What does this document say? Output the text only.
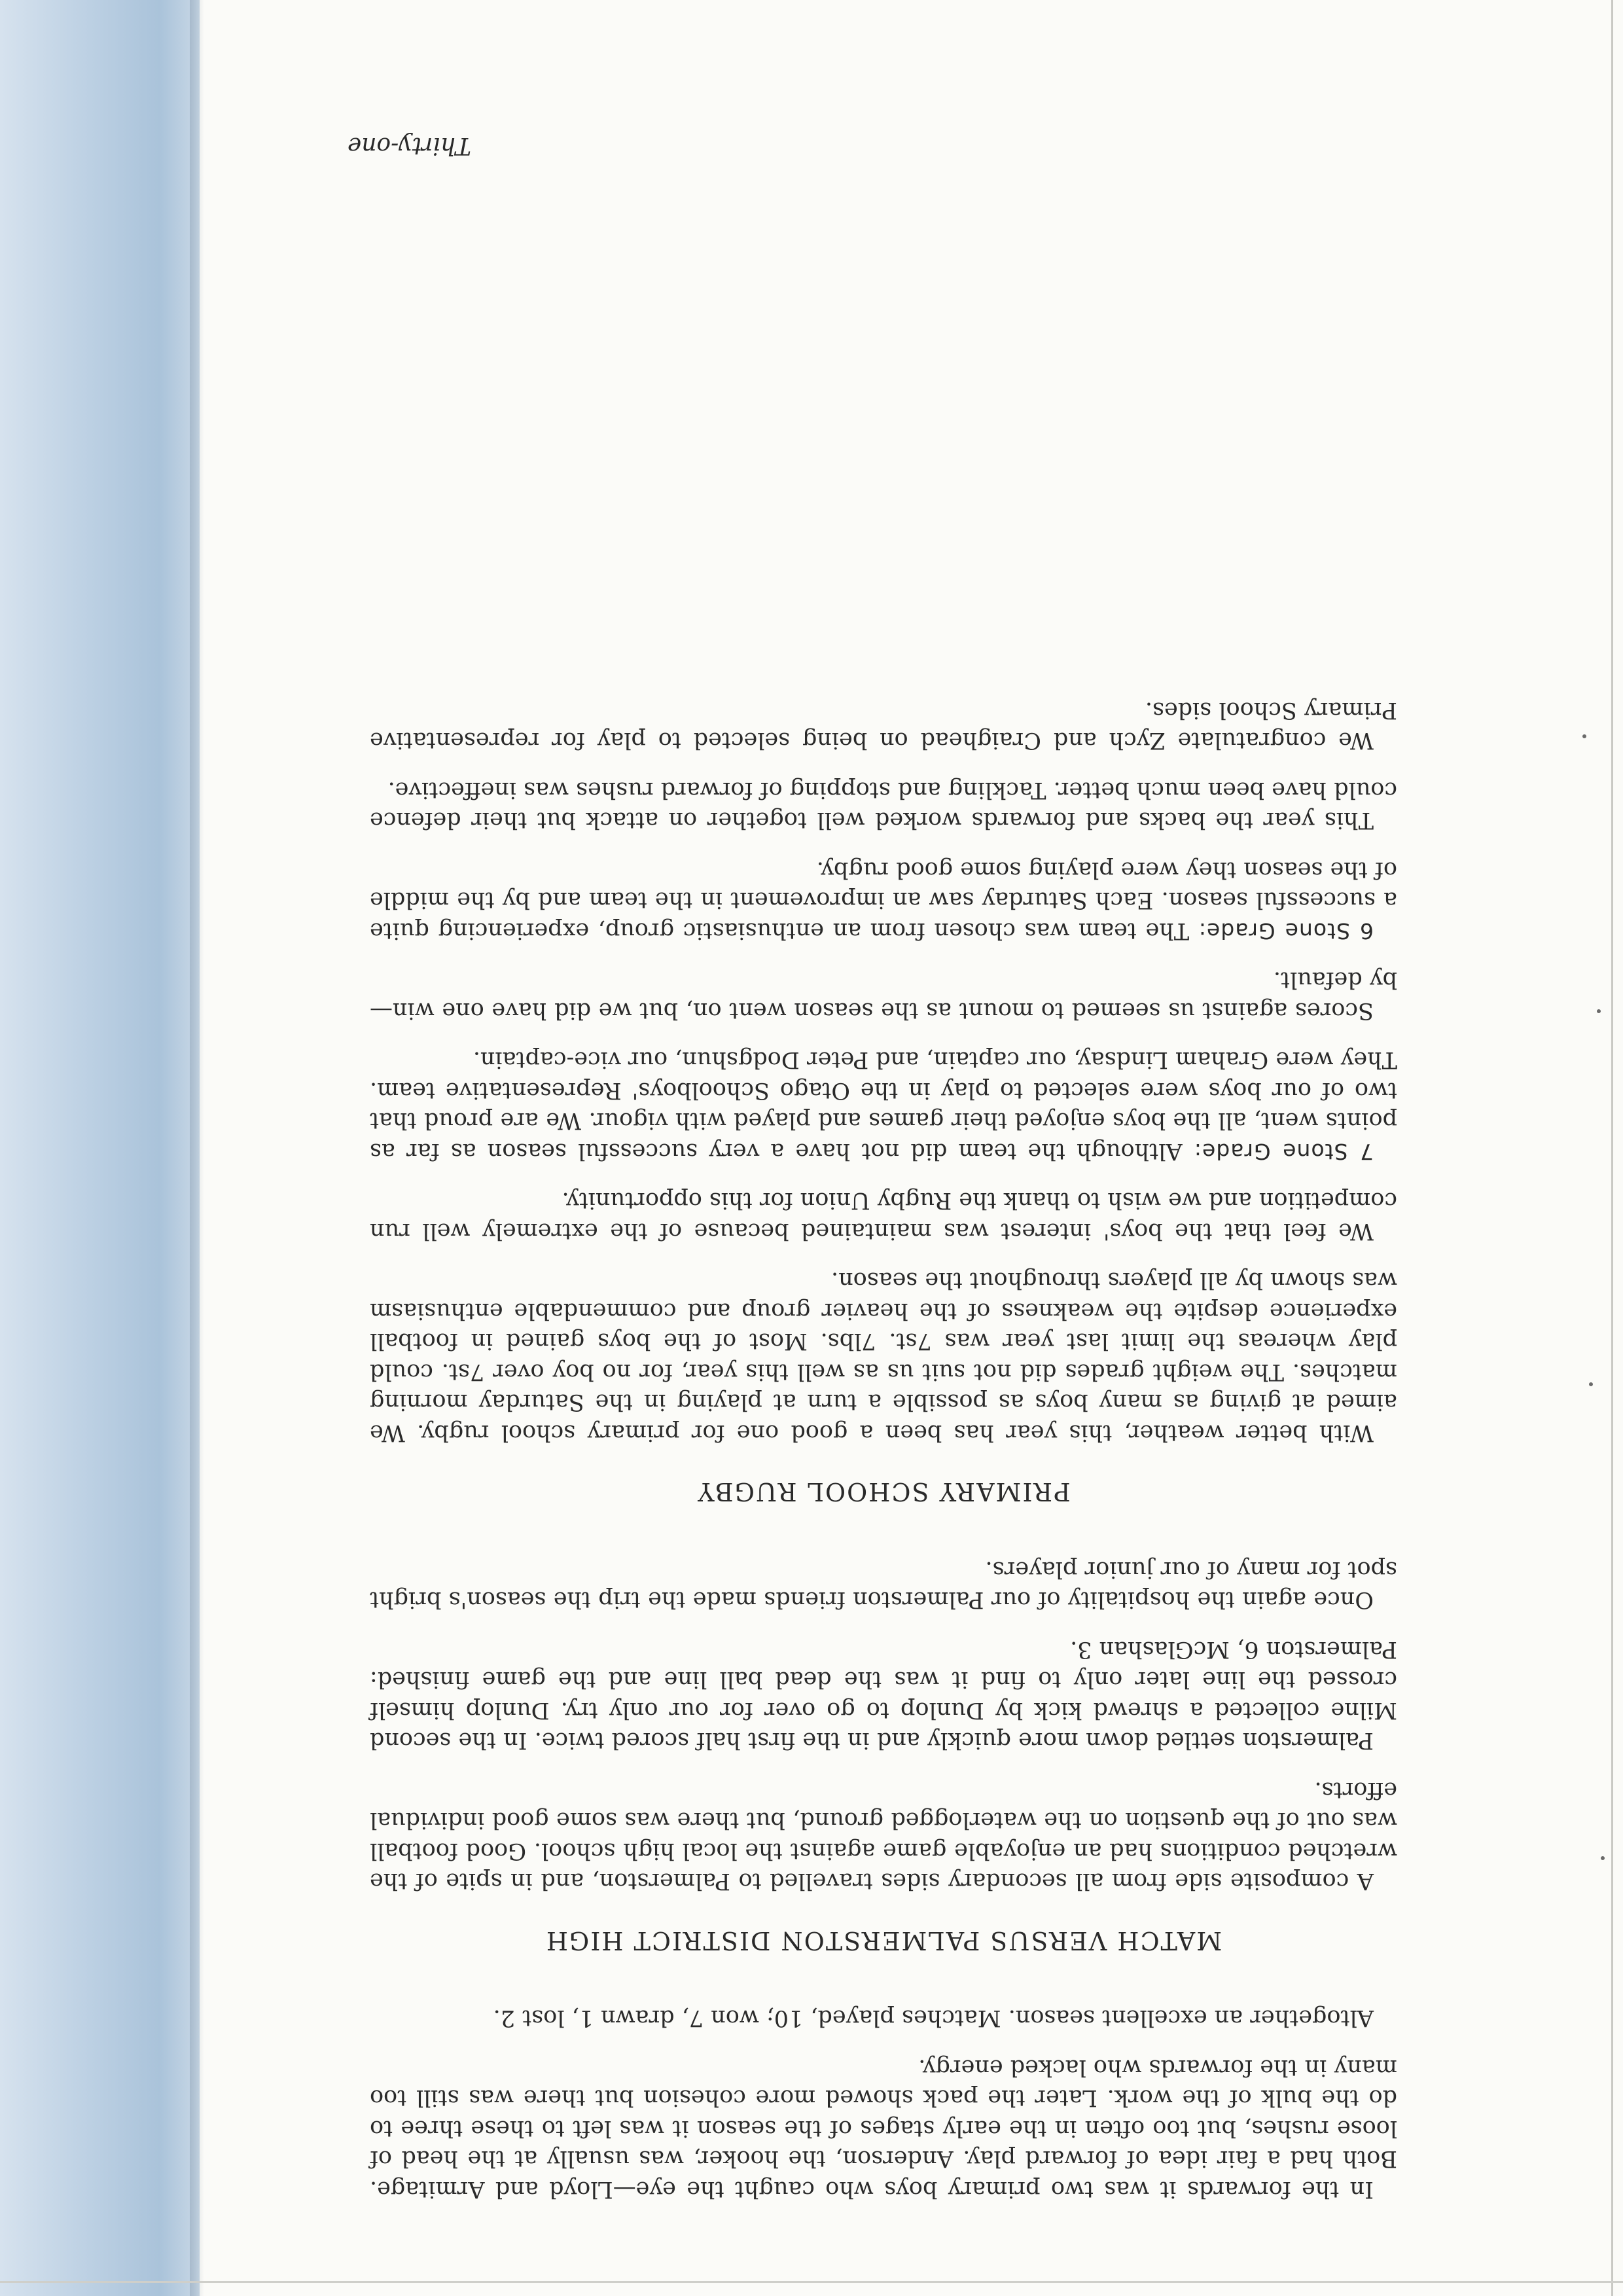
In the forwards it was two primary boys who caught the eye—Lloyd and Armitage. Both had a fair idea of forward play. Anderson, the hooker, was usually at the head of loose rushes, but too often in the early stages of the season it was left to these three to do the bulk of the work. Later the pack showed more cohesion but there was still too many in the forwards who lacked energy.

Altogether an excellent season. Matches played, 10; won 7, drawn 1, lost 2.

MATCH VERSUS PALMERSTON DISTRICT HIGH

A composite side from all secondary sides travelled to Palmerston, and in spite of the wretched conditions had an enjoyable game against the local high school. Good football was out of the question on the waterlogged ground, but there was some good individual efforts.

Palmerston settled down more quickly and in the first half scored twice. In the second Milne collected a shrewd kick by Dunlop to go over for our only try. Dunlop himself crossed the line later only to find it was the dead ball line and the game finished: Palmerston 6, McGlashan 3.

Once again the hospitality of our Palmerston friends made the trip the season's bright spot for many of our junior players.

PRIMARY SCHOOL RUGBY

With better weather, this year has been a good one for primary school rugby. We aimed at giving as many boys as possible a turn at playing in the Saturday morning matches. The weight grades did not suit us as well this year, for no boy over 7st. could play whereas the limit last year was 7st. 7lbs. Most of the boys gained in football experience despite the weakness of the heavier group and commendable enthusiasm was shown by all players throughout the season.

We feel that the boys' interest was maintained because of the extremely well run competition and we wish to thank the Rugby Union for this opportunity.

7 Stone Grade: Although the team did not have a very successful season as far as points went, all the boys enjoyed their games and played with vigour. We are proud that two of our boys were selected to play in the Otago Schoolboys' Representative team. They were Graham Lindsay, our captain, and Peter Dodgshun, our vice-captain.

Scores against us seemed to mount as the season went on, but we did have one win—by default.

6 Stone Grade: The team was chosen from an enthusiastic group, experiencing quite a successful season. Each Saturday saw an improvement in the team and by the middle of the season they were playing some good rugby.

This year the backs and forwards worked well together on attack but their defence could have been much better. Tackling and stopping of forward rushes was ineffective.

We congratulate Zych and Craighead on being selected to play for representative Primary School sides.

Thirty-one
